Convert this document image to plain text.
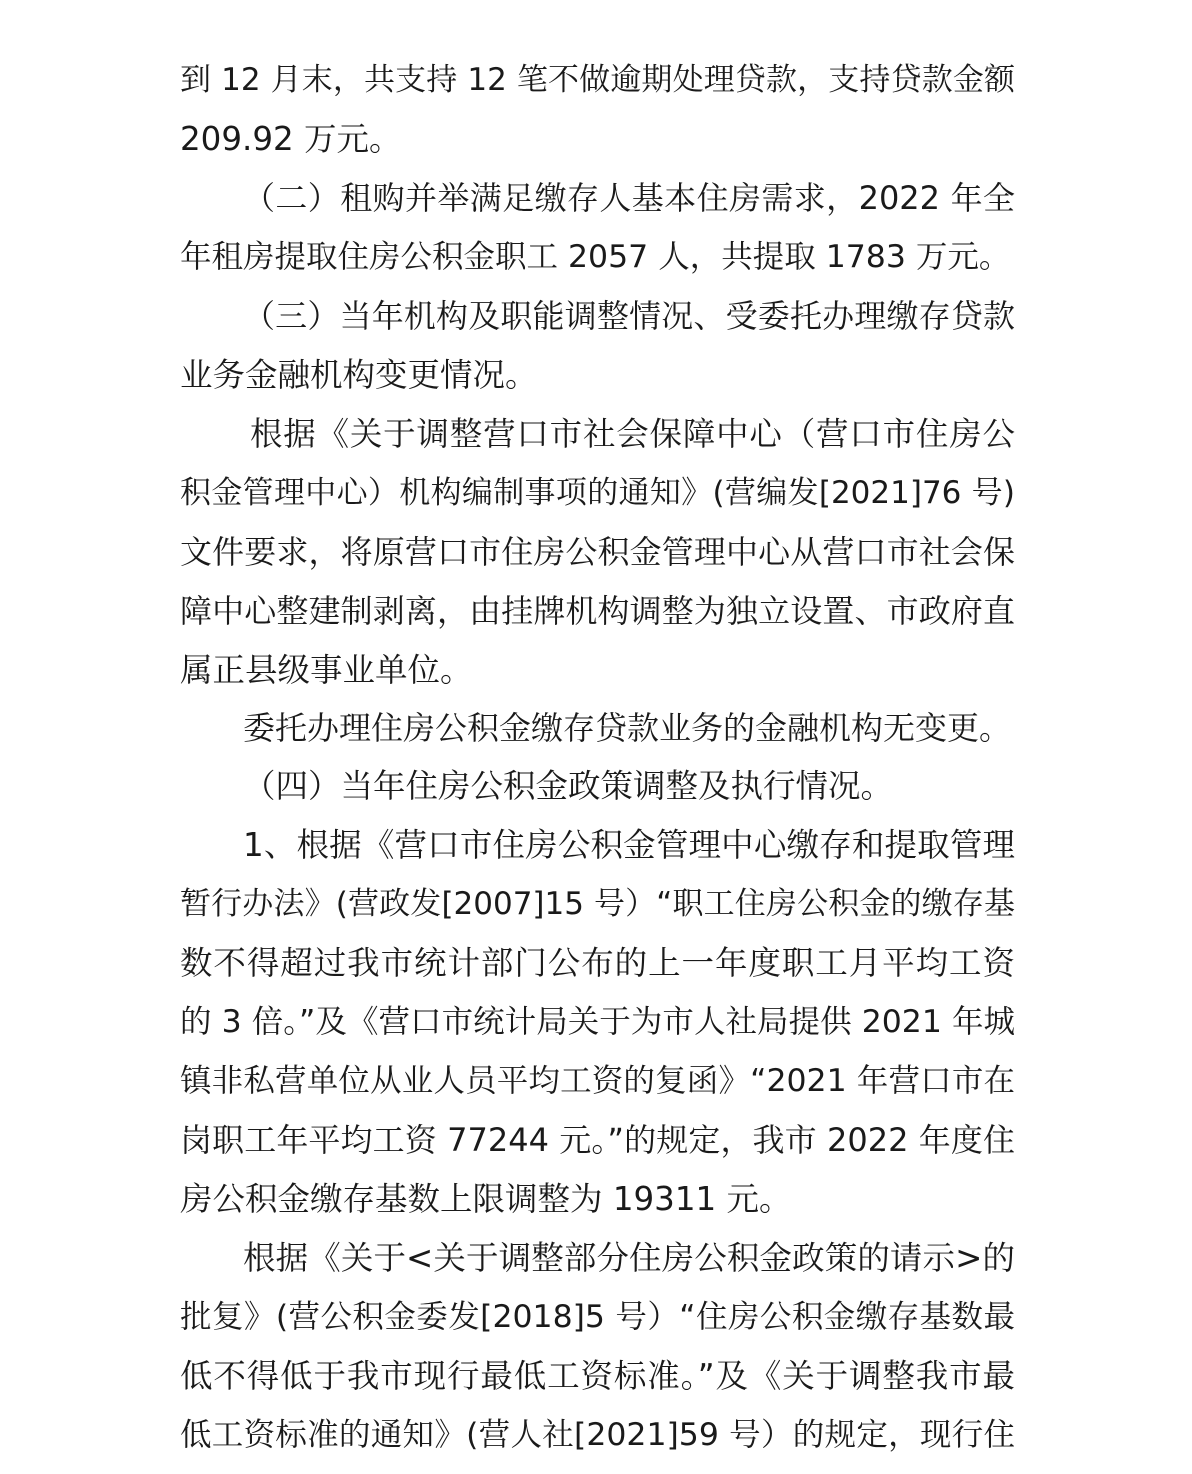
到 12 月末，共支持 12 笔不做逾期处理贷款，支持贷款金额
209.92 万元。
（二）租购并举满足缴存人基本住房需求，2022 年全
年租房提取住房公积金职工 2057 人，共提取 1783 万元。
（三）当年机构及职能调整情况、受委托办理缴存贷款
业务金融机构变更情况。
根据《关于调整营口市社会保障中心（营口市住房公
积金管理中心）机构编制事项的通知》(营编发[2021]76 号)
文件要求，将原营口市住房公积金管理中心从营口市社会保
障中心整建制剥离，由挂牌机构调整为独立设置、市政府直
属正县级事业单位。
委托办理住房公积金缴存贷款业务的金融机构无变更。
（四）当年住房公积金政策调整及执行情况。
1、根据《营口市住房公积金管理中心缴存和提取管理
暂行办法》(营政发[2007]15 号）“职工住房公积金的缴存基
数不得超过我市统计部门公布的上一年度职工月平均工资
的 3 倍。”及《营口市统计局关于为市人社局提供 2021 年城
镇非私营单位从业人员平均工资的复函》“2021 年营口市在
岗职工年平均工资 77244 元。”的规定，我市 2022 年度住
房公积金缴存基数上限调整为 19311 元。
根据《关于<关于调整部分住房公积金政策的请示>的
批复》(营公积金委发[2018]5 号）“住房公积金缴存基数最
低不得低于我市现行最低工资标准。”及《关于调整我市最
低工资标准的通知》(营人社[2021]59 号）的规定，现行住
